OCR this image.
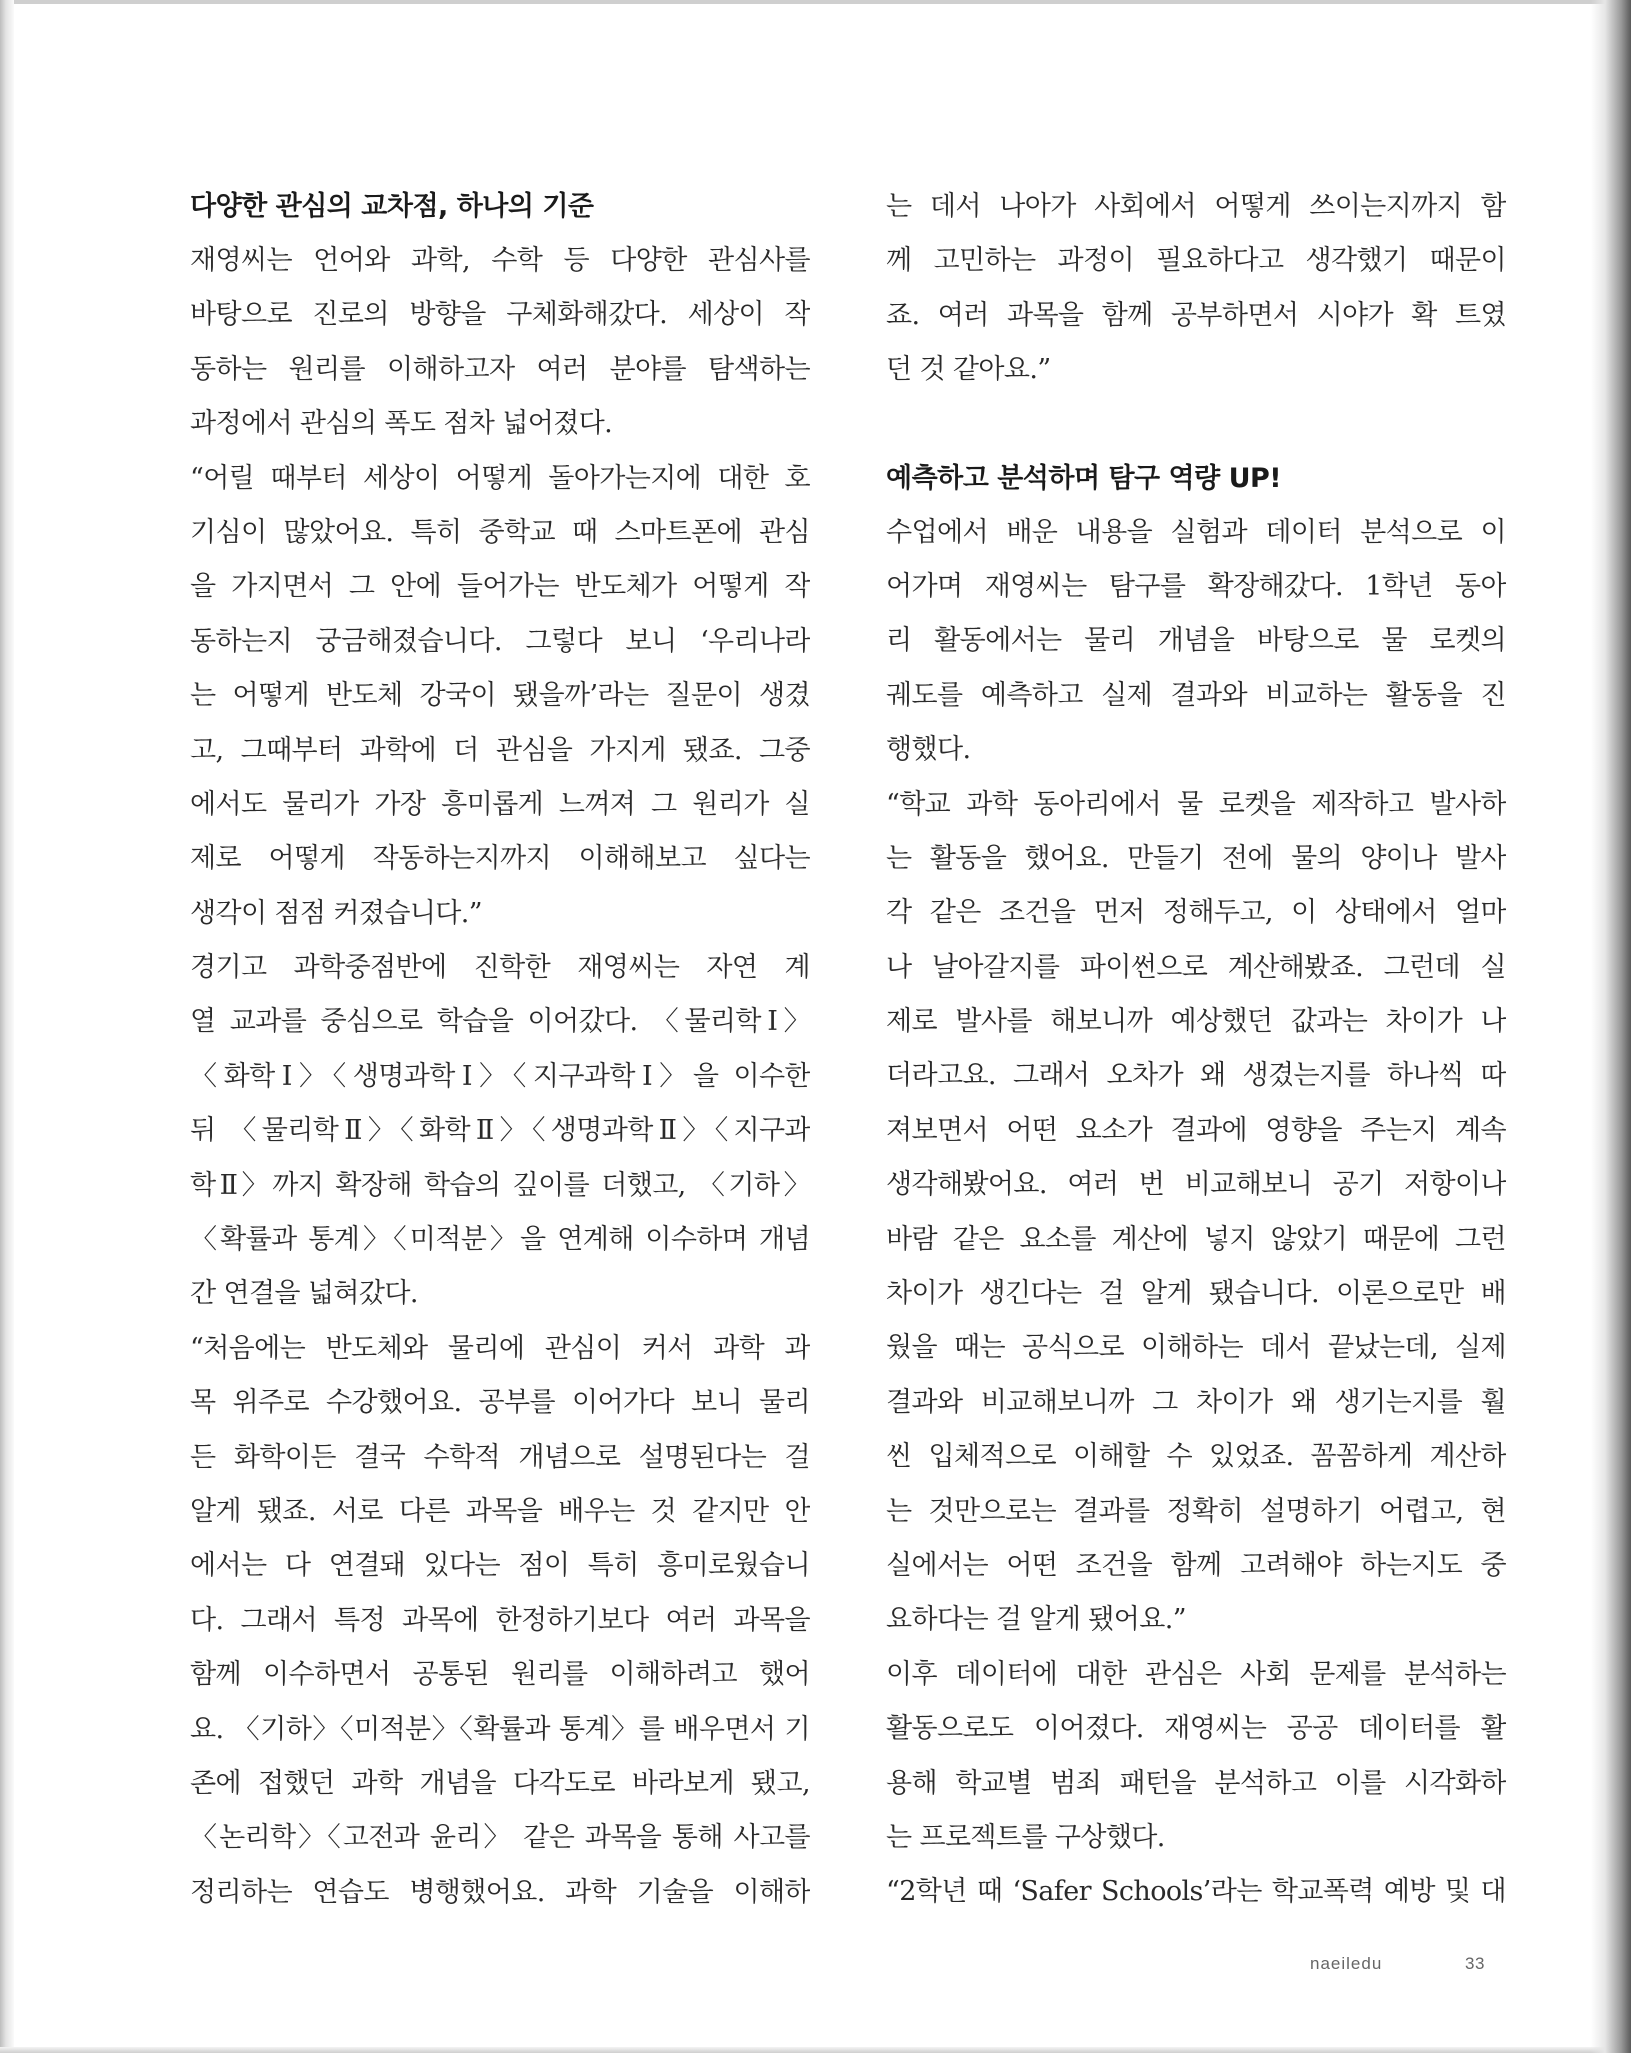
다양한 관심의 교차점, 하나의 기준
재영씨는 언어와 과학, 수학 등 다양한 관심사를
바탕으로 진로의 방향을 구체화해갔다. 세상이 작
동하는 원리를 이해하고자 여러 분야를 탐색하는
과정에서 관심의 폭도 점차 넓어졌다.
“어릴 때부터 세상이 어떻게 돌아가는지에 대한 호
기심이 많았어요. 특히 중학교 때 스마트폰에 관심
을 가지면서 그 안에 들어가는 반도체가 어떻게 작
동하는지 궁금해졌습니다. 그렇다 보니 ‘우리나라
는 어떻게 반도체 강국이 됐을까’라는 질문이 생겼
고, 그때부터 과학에 더 관심을 가지게 됐죠. 그중
에서도 물리가 가장 흥미롭게 느껴져 그 원리가 실
제로 어떻게 작동하는지까지 이해해보고 싶다는
생각이 점점 커졌습니다.”
경기고 과학중점반에 진학한 재영씨는 자연 계
열 교과를 중심으로 학습을 이어갔다. 〈물리학Ⅰ〉
〈화학Ⅰ〉〈생명과학Ⅰ〉〈지구과학Ⅰ〉을 이수한
뒤 〈물리학Ⅱ〉〈화학Ⅱ〉〈생명과학Ⅱ〉〈지구과
학Ⅱ〉까지 확장해 학습의 깊이를 더했고, 〈기하〉
〈확률과 통계〉〈미적분〉을 연계해 이수하며 개념
간 연결을 넓혀갔다.
“처음에는 반도체와 물리에 관심이 커서 과학 과
목 위주로 수강했어요. 공부를 이어가다 보니 물리
든 화학이든 결국 수학적 개념으로 설명된다는 걸
알게 됐죠. 서로 다른 과목을 배우는 것 같지만 안
에서는 다 연결돼 있다는 점이 특히 흥미로웠습니
다. 그래서 특정 과목에 한정하기보다 여러 과목을
함께 이수하면서 공통된 원리를 이해하려고 했어
요. 〈기하〉〈미적분〉〈확률과 통계〉를 배우면서 기
존에 접했던 과학 개념을 다각도로 바라보게 됐고,
〈논리학〉〈고전과 윤리〉 같은 과목을 통해 사고를
정리하는 연습도 병행했어요. 과학 기술을 이해하
는 데서 나아가 사회에서 어떻게 쓰이는지까지 함
께 고민하는 과정이 필요하다고 생각했기 때문이
죠. 여러 과목을 함께 공부하면서 시야가 확 트였
던 것 같아요.”
예측하고 분석하며 탐구 역량 UP!
수업에서 배운 내용을 실험과 데이터 분석으로 이
어가며 재영씨는 탐구를 확장해갔다. 1학년 동아
리 활동에서는 물리 개념을 바탕으로 물 로켓의
궤도를 예측하고 실제 결과와 비교하는 활동을 진
행했다.
“학교 과학 동아리에서 물 로켓을 제작하고 발사하
는 활동을 했어요. 만들기 전에 물의 양이나 발사
각 같은 조건을 먼저 정해두고, 이 상태에서 얼마
나 날아갈지를 파이썬으로 계산해봤죠. 그런데 실
제로 발사를 해보니까 예상했던 값과는 차이가 나
더라고요. 그래서 오차가 왜 생겼는지를 하나씩 따
져보면서 어떤 요소가 결과에 영향을 주는지 계속
생각해봤어요. 여러 번 비교해보니 공기 저항이나
바람 같은 요소를 계산에 넣지 않았기 때문에 그런
차이가 생긴다는 걸 알게 됐습니다. 이론으로만 배
웠을 때는 공식으로 이해하는 데서 끝났는데, 실제
결과와 비교해보니까 그 차이가 왜 생기는지를 훨
씬 입체적으로 이해할 수 있었죠. 꼼꼼하게 계산하
는 것만으로는 결과를 정확히 설명하기 어렵고, 현
실에서는 어떤 조건을 함께 고려해야 하는지도 중
요하다는 걸 알게 됐어요.”
이후 데이터에 대한 관심은 사회 문제를 분석하는
활동으로도 이어졌다. 재영씨는 공공 데이터를 활
용해 학교별 범죄 패턴을 분석하고 이를 시각화하
는 프로젝트를 구상했다.
“2학년 때 ‘Safer Schools’라는 학교폭력 예방 및 대
naeiledu	33
